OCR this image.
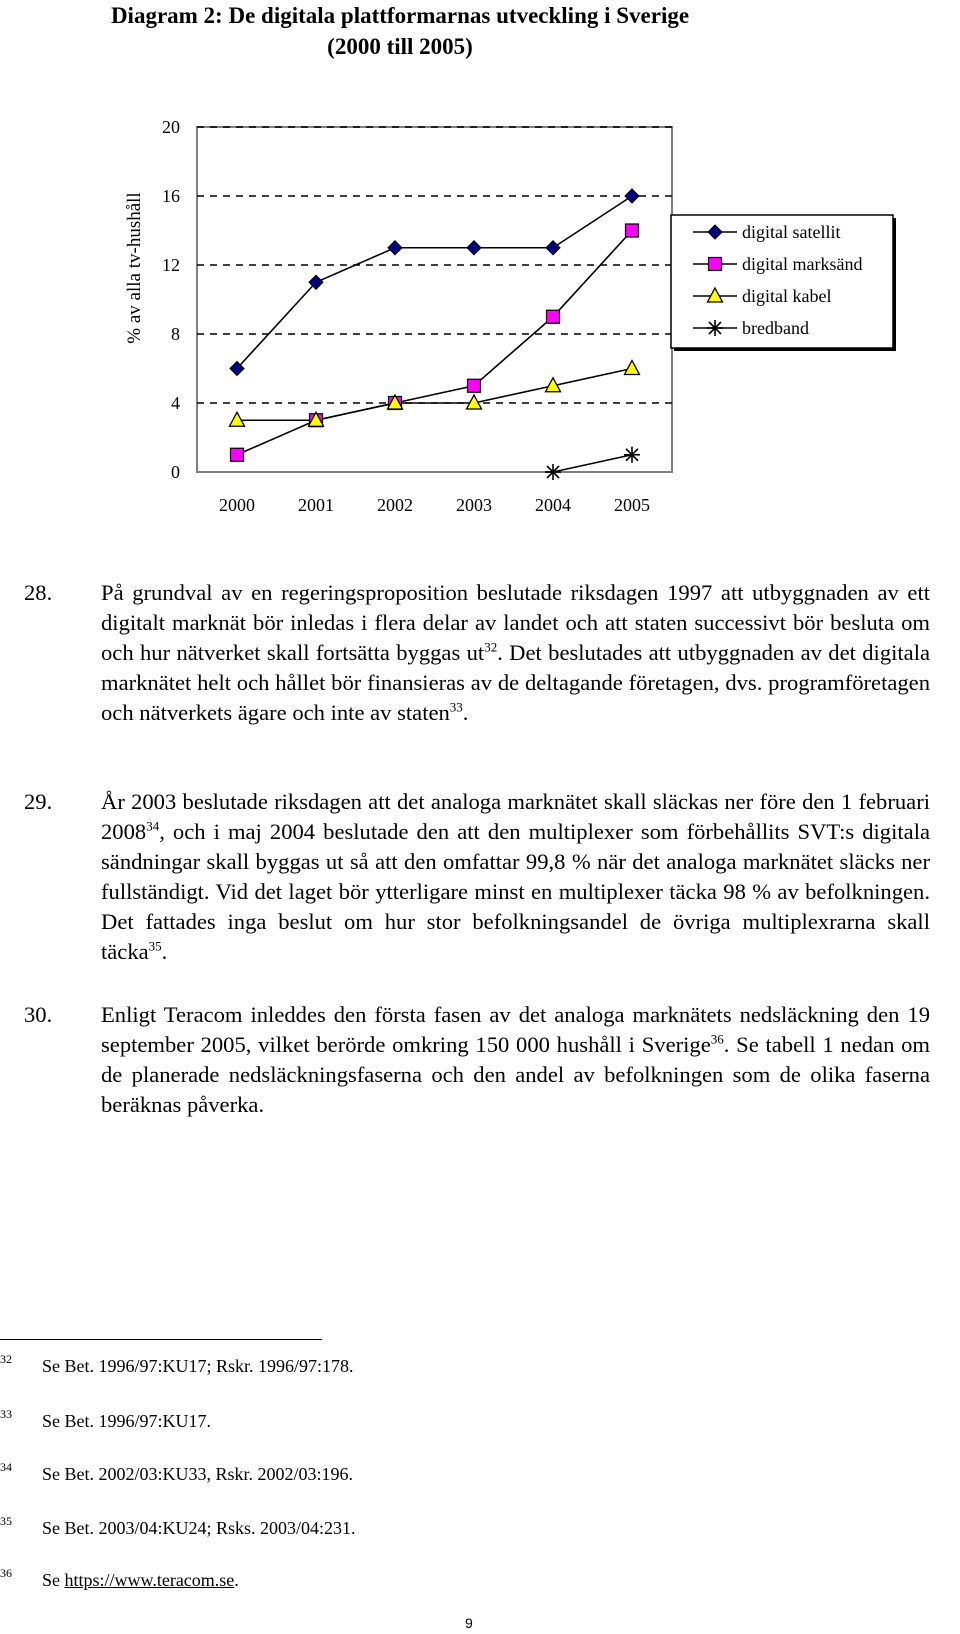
Diagram 2: De digitala plattformarnas utveckling i Sverige
(2000 till 2005)
0
4
8
12
16
20
2000 2001 2002 2003 2004 2005
% av alla tv-hushåll	digital satellit
digital marksänd
digital kabel
bredband
28. På grundval av en regeringsproposition beslutade riksdagen 1997 att utbyggnaden av ett digitalt marknät bör inledas i flera delar av landet och att staten successivt bör besluta om och hur nätverket skall fortsätta byggas ut$^{32}$. Det beslutades att utbyggnaden av det digitala marknätet helt och hållet bör finansieras av de deltagande företagen, dvs. programföretagen och nätverkets ägare och inte av staten$^{33}$.
29. År 2003 beslutade riksdagen att det analoga marknätet skall släckas ner före den 1 februari 2008$^{34}$, och i maj 2004 beslutade den att den multiplexer som förbehållits SVT:s digitala sändningar skall byggas ut så att den omfattar 99,8 % när det analoga marknätet släcks ner fullständigt. Vid det laget bör ytterligare minst en multiplexer täcka 98 % av befolkningen. Det fattades inga beslut om hur stor befolkningsandel de övriga multiplexrarna skall täcka$^{35}$.
30. Enligt Teracom inleddes den första fasen av det analoga marknätets nedsläckning den 19 september 2005, vilket berörde omkring 150 000 hushåll i Sverige$^{36}$. Se tabell 1 nedan om de planerade nedsläckningsfaserna och den andel av befolkningen som de olika faserna beräknas påverka.
32 Se Bet. 1996/97:KU17; Rskr. 1996/97:178.
33 Se Bet. 1996/97:KU17.
34 Se Bet. 2002/03:KU33, Rskr. 2002/03:196.
35 Se Bet. 2003/04:KU24; Rsks. 2003/04:231.
36 Se https://www.teracom.se.
9
